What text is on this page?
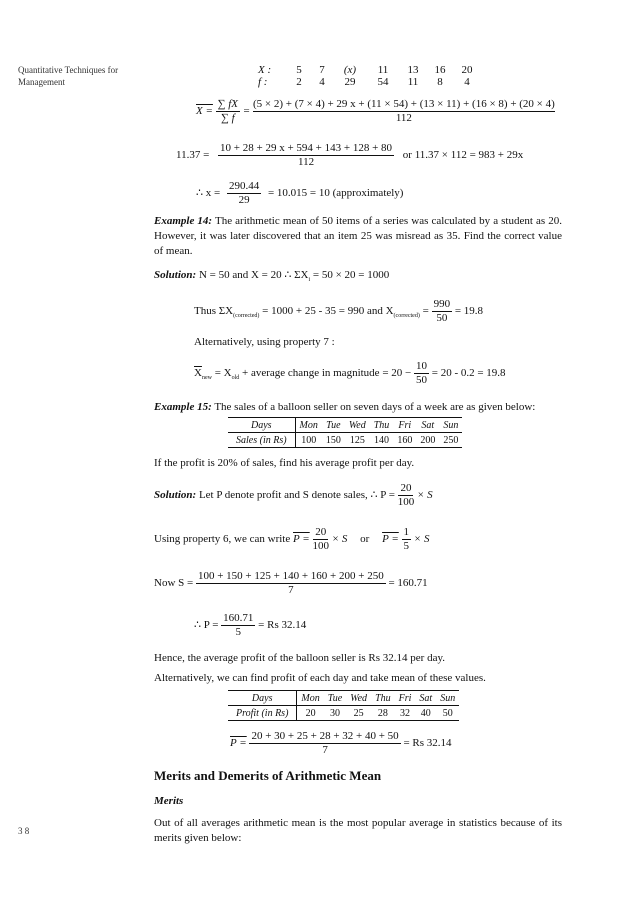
Quantitative Techniques for
Management
3 8
X :	5	7	(x)	11	13	16	20
f :	2	4	29	54	11	8	4
$X = \frac{\sum fX}{\sum f}$ =
(5 × 2) + (7 × 4) + 29 x + (11 × 54) + (13 × 11) + (16 × 8) + (20 × 4)
112
$11.37 = \frac{10 + 28 + 29 x + 594 + 143 + 128 + 80}{112}$ or 11.37 × 112 = 983 + 29x
∴ $x = \frac{290.44}{29} = 10.015 = 10$ (approximately)
Example 14: The arithmetic mean of 50 items of a series was calculated by a student as 20. However, it was later discovered that an item 25 was misread as 35. Find the correct value of mean.
Solution: N = 50 and X = 20 ∴ $\Sigma X_i = 50 \times 20 = 1000$
Thus $\Sigma X_{(corrected)} = 1000 + 25 - 35 = 990$ and $X_{(corrected)} = \frac{990}{50} = 19.8$
Alternatively, using property 7 :
$\overline{X}_{new} = X_{old}$ + average change in magnitude = $20 - \frac{10}{50} = 20 - 0.2 = 19.8$
Example 15: The sales of a balloon seller on seven days of a week are as given below:
Days	Mon	Tue	Wed	Thu	Fri	Sat	Sun
Sales (in Rs)	100	150	125	140	160	200	250
If the profit is 20% of sales, find his average profit per day.
Solution: Let P denote profit and S denote sales, ∴ $P = \frac{20}{100} \times S$
Using property 6, we can write $P = \frac{20}{100} \times S$ or $P = \frac{1}{5} \times S$
Now $S = \frac{100 + 150 + 125 + 140 + 160 + 200 + 250}{7} = 160.71$
∴ $P = \frac{160.71}{5} = Rs$ 32.14
Hence, the average profit of the balloon seller is Rs 32.14 per day.
Alternatively, we can find profit of each day and take mean of these values.
Days	Mon	Tue	Wed	Thu	Fri	Sat	Sun
Profit (in Rs)	20	30	25	28	32	40	50
$P = \frac{20 + 30 + 25 + 28 + 32 + 40 + 50}{7} = Rs$ 32.14
Merits and Demerits of Arithmetic Mean
Merits
Out of all averages arithmetic mean is the most popular average in statistics because of its merits given below:
